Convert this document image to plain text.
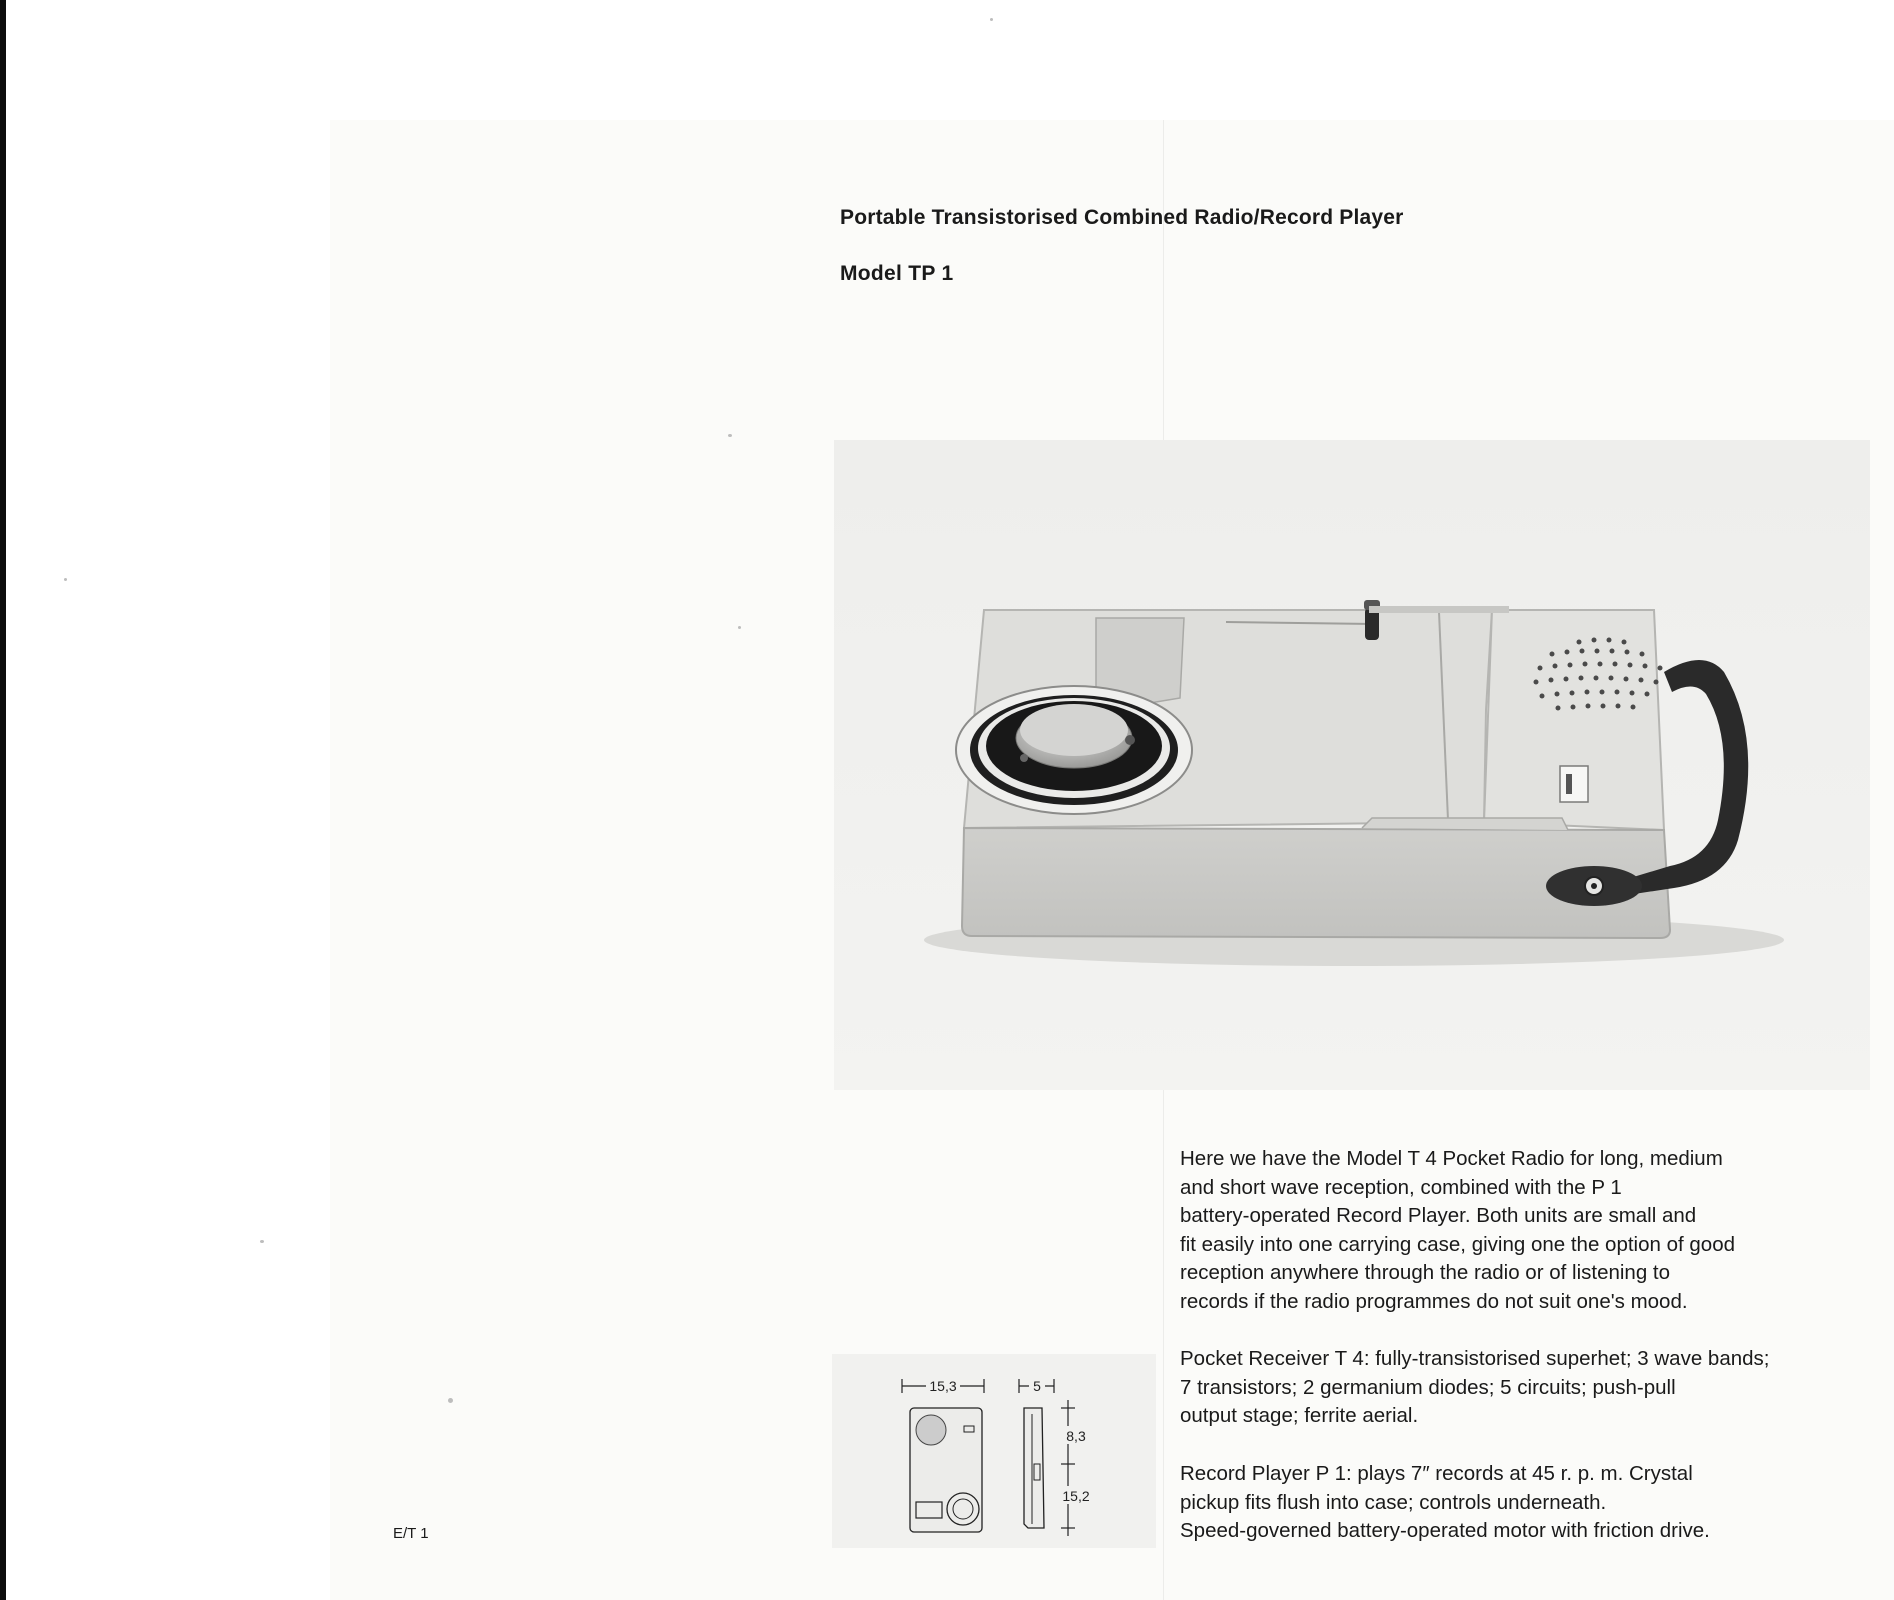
Portable Transistorised Combined Radio/Record Player
Model TP 1

Here we have the Model T 4 Pocket Radio for long, medium
and short wave reception, combined with the P 1
battery-operated Record Player. Both units are small and
fit easily into one carrying case, giving one the option of good
reception anywhere through the radio or of listening to
records if the radio programmes do not suit one's mood.

Pocket Receiver T 4: fully-transistorised superhet; 3 wave bands;
7 transistors; 2 germanium diodes; 5 circuits; push-pull
output stage; ferrite aerial.

Record Player P 1: plays 7″ records at 45 r. p. m. Crystal
pickup fits flush into case; controls underneath.
Speed-governed battery-operated motor with friction drive.

15,3	5
8,3
15,2
E/T 1
